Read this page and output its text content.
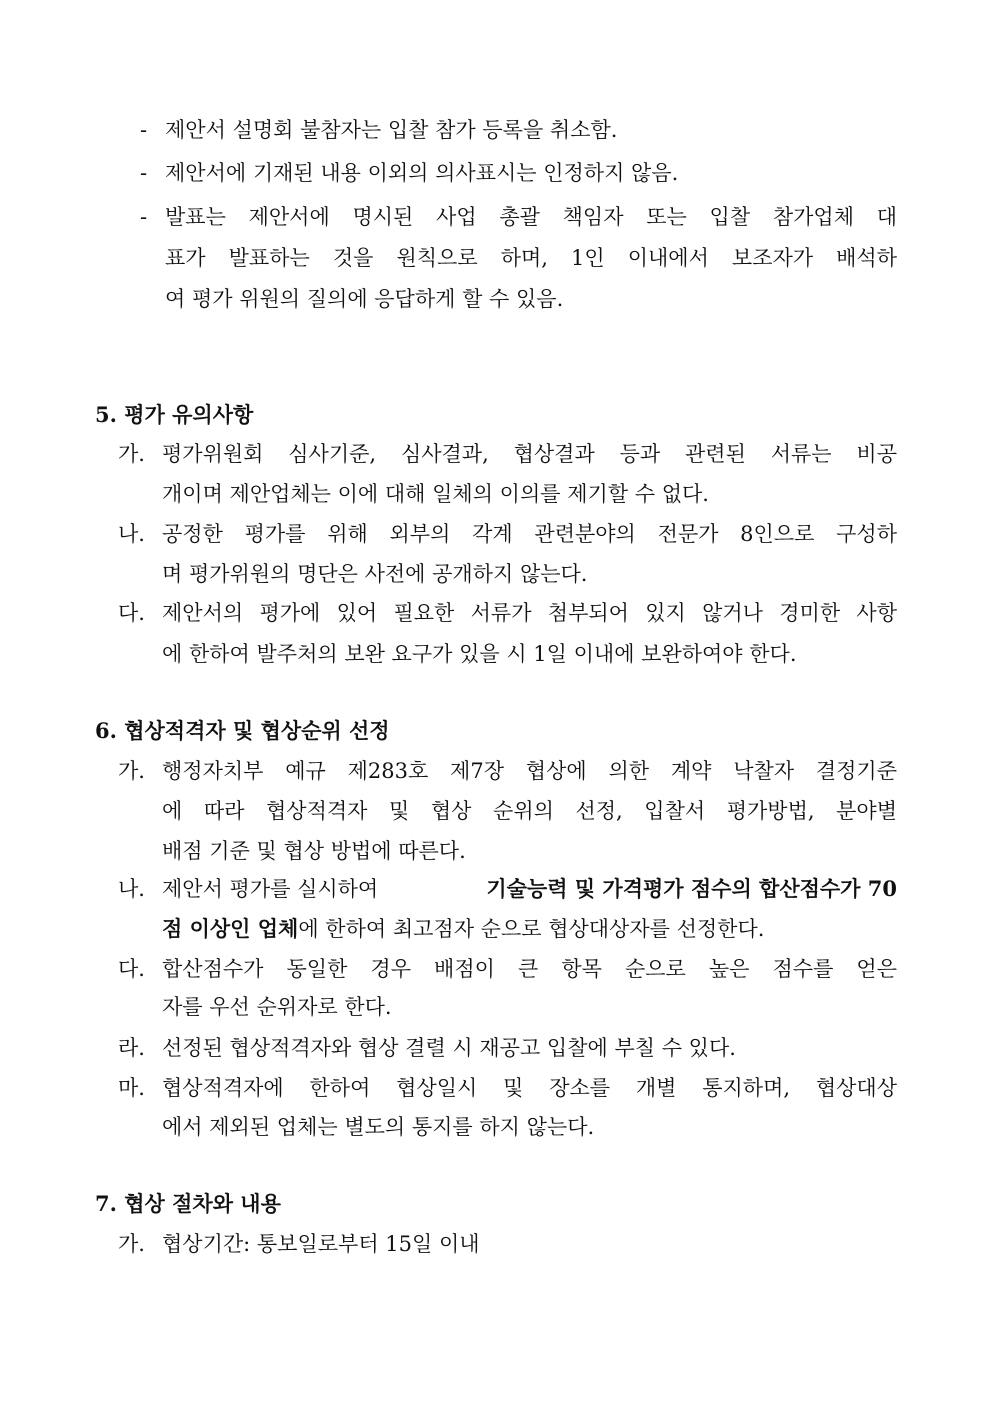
- 제안서 설명회 불참자는 입찰 참가 등록을 취소함.
- 제안서에 기재된 내용 이외의 의사표시는 인정하지 않음.
- 발표는 제안서에 명시된 사업 총괄 책임자 또는 입찰 참가업체 대
표가 발표하는 것을 원칙으로 하며, 1인 이내에서 보조자가 배석하
여 평가 위원의 질의에 응답하게 할 수 있음.
5. 평가 유의사항
가. 평가위원회 심사기준, 심사결과, 협상결과 등과 관련된 서류는 비공
개이며 제안업체는 이에 대해 일체의 이의를 제기할 수 없다.
나. 공정한 평가를 위해 외부의 각계 관련분야의 전문가 8인으로 구성하
며 평가위원의 명단은 사전에 공개하지 않는다.
다. 제안서의 평가에 있어 필요한 서류가 첨부되어 있지 않거나 경미한 사항
에 한하여 발주처의 보완 요구가 있을 시 1일 이내에 보완하여야 한다.
6. 협상적격자 및 협상순위 선정
가. 행정자치부 예규 제283호 제7장 협상에 의한 계약 낙찰자 결정기준
에 따라 협상적격자 및 협상 순위의 선정, 입찰서 평가방법, 분야별
배점 기준 및 협상 방법에 따른다.
나. 제안서 평가를 실시하여	기술능력 및 가격평가 점수의 합산점수가 70
점 이상인 업체에 한하여 최고점자 순으로 협상대상자를 선정한다.
다. 합산점수가 동일한 경우 배점이 큰 항목 순으로 높은 점수를 얻은
자를 우선 순위자로 한다.
라. 선정된 협상적격자와 협상 결렬 시 재공고 입찰에 부칠 수 있다.
마. 협상적격자에 한하여 협상일시 및 장소를 개별 통지하며, 협상대상
에서 제외된 업체는 별도의 통지를 하지 않는다.
7. 협상 절차와 내용
가. 협상기간: 통보일로부터 15일 이내
